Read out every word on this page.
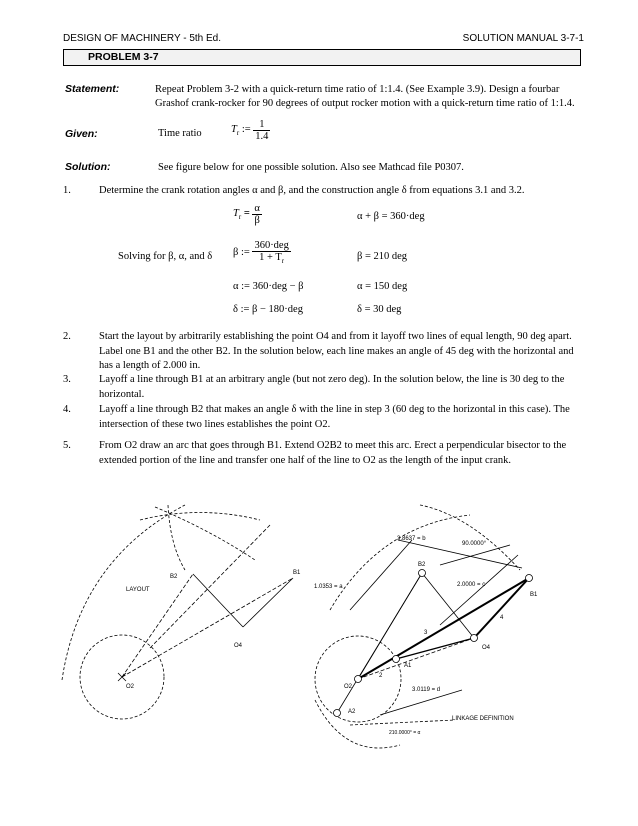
DESIGN OF MACHINERY - 5th Ed.	SOLUTION MANUAL 3-7-1
PROBLEM 3-7
Statement:	Repeat Problem 3-2 with a quick-return time ratio of 1:1.4. (See Example 3.9). Design a fourbar Grashof crank-rocker for 90 degrees of output rocker motion with a quick-return time ratio of 1:1.4.
Given:	Time ratio	$T_r$ := $\frac{1}{1.4}$
Solution:	See figure below for one possible solution. Also see Mathcad file P0307.
1.	Determine the crank rotation angles α and β, and the construction angle δ from equations 3.1 and 3.2.
$T_r = \frac{\alpha}{\beta}$	α + β = 360·deg
Solving for β, α, and δ β := $\frac{\text{360·deg}}{1 + T_r}$	β = 210 deg
α := 360·deg − β	α = 150 deg
δ := β − 180·deg	δ = 30 deg
2.	Start the layout by arbitrarily establishing the point O4 and from it layoff two lines of equal length, 90 deg apart. Label one B1 and the other B2. In the solution below, each line makes an angle of 45 deg with the horizontal and has a length of 2.000 in.
3.	Layoff a line through B1 at an arbitrary angle (but not zero deg). In the solution below, the line is 30 deg to the horizontal.
4.	Layoff a line through B2 that makes an angle δ with the line in step 3 (60 deg to the horizontal in this case). The intersection of these two lines establishes the point O2.
5.	From O2 draw an arc that goes through B1. Extend O2B2 to meet this arc. Erect a perpendicular bisector to the extended portion of the line and transfer one half of the line to O2 as the length of the input crank.
LAYOUT
B2
B1
O4
O2
3.8637 = b
90.0000°
B2
B1
1.0353 = a	2.0000 = c
4
3
O4
A1
2
O2	3.0119 = d
A2
210.0000° = α
LINKAGE DEFINITION
